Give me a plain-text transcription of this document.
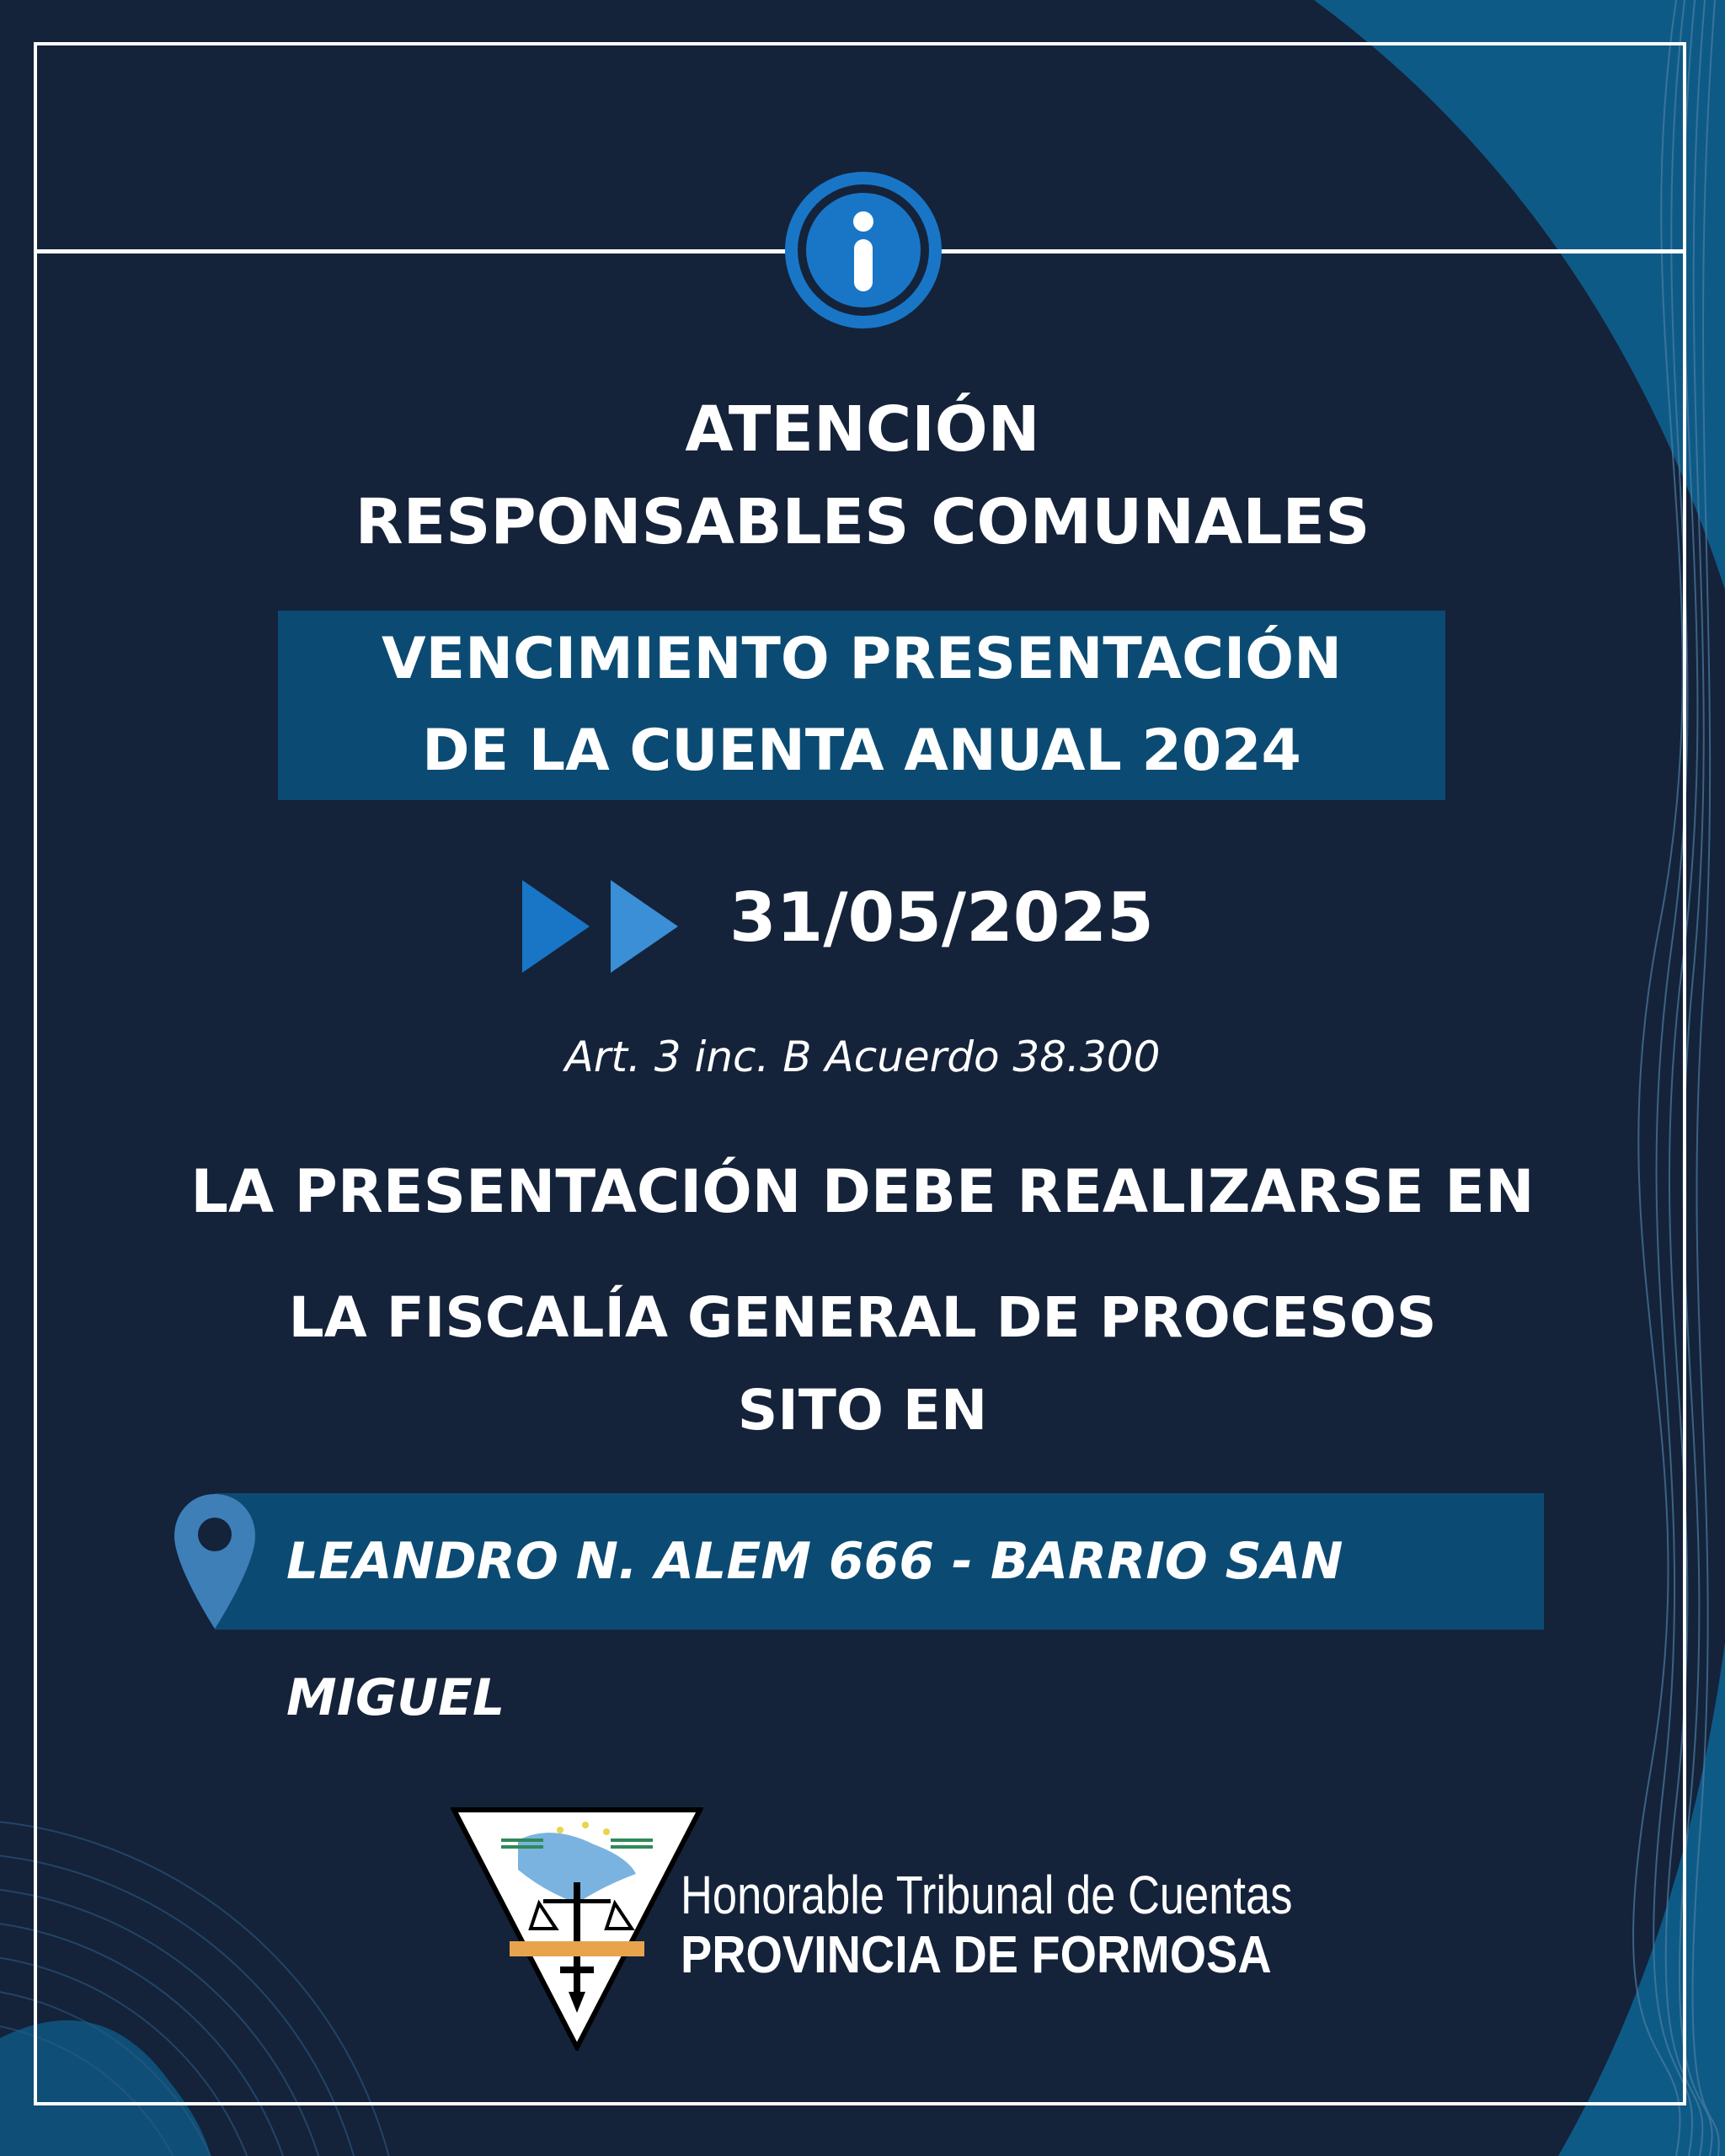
ATENCIÓN
RESPONSABLES COMUNALES
VENCIMIENTO PRESENTACIÓN
DE LA CUENTA ANUAL 2024
31/05/2025
Art. 3 inc. B Acuerdo 38.300
LA PRESENTACIÓN DEBE REALIZARSE EN
LA FISCALÍA GENERAL DE PROCESOS
SITO EN
LEANDRO N. ALEM 666 - BARRIO SAN MIGUEL
Honorable Tribunal de Cuentas
PROVINCIA DE FORMOSA
